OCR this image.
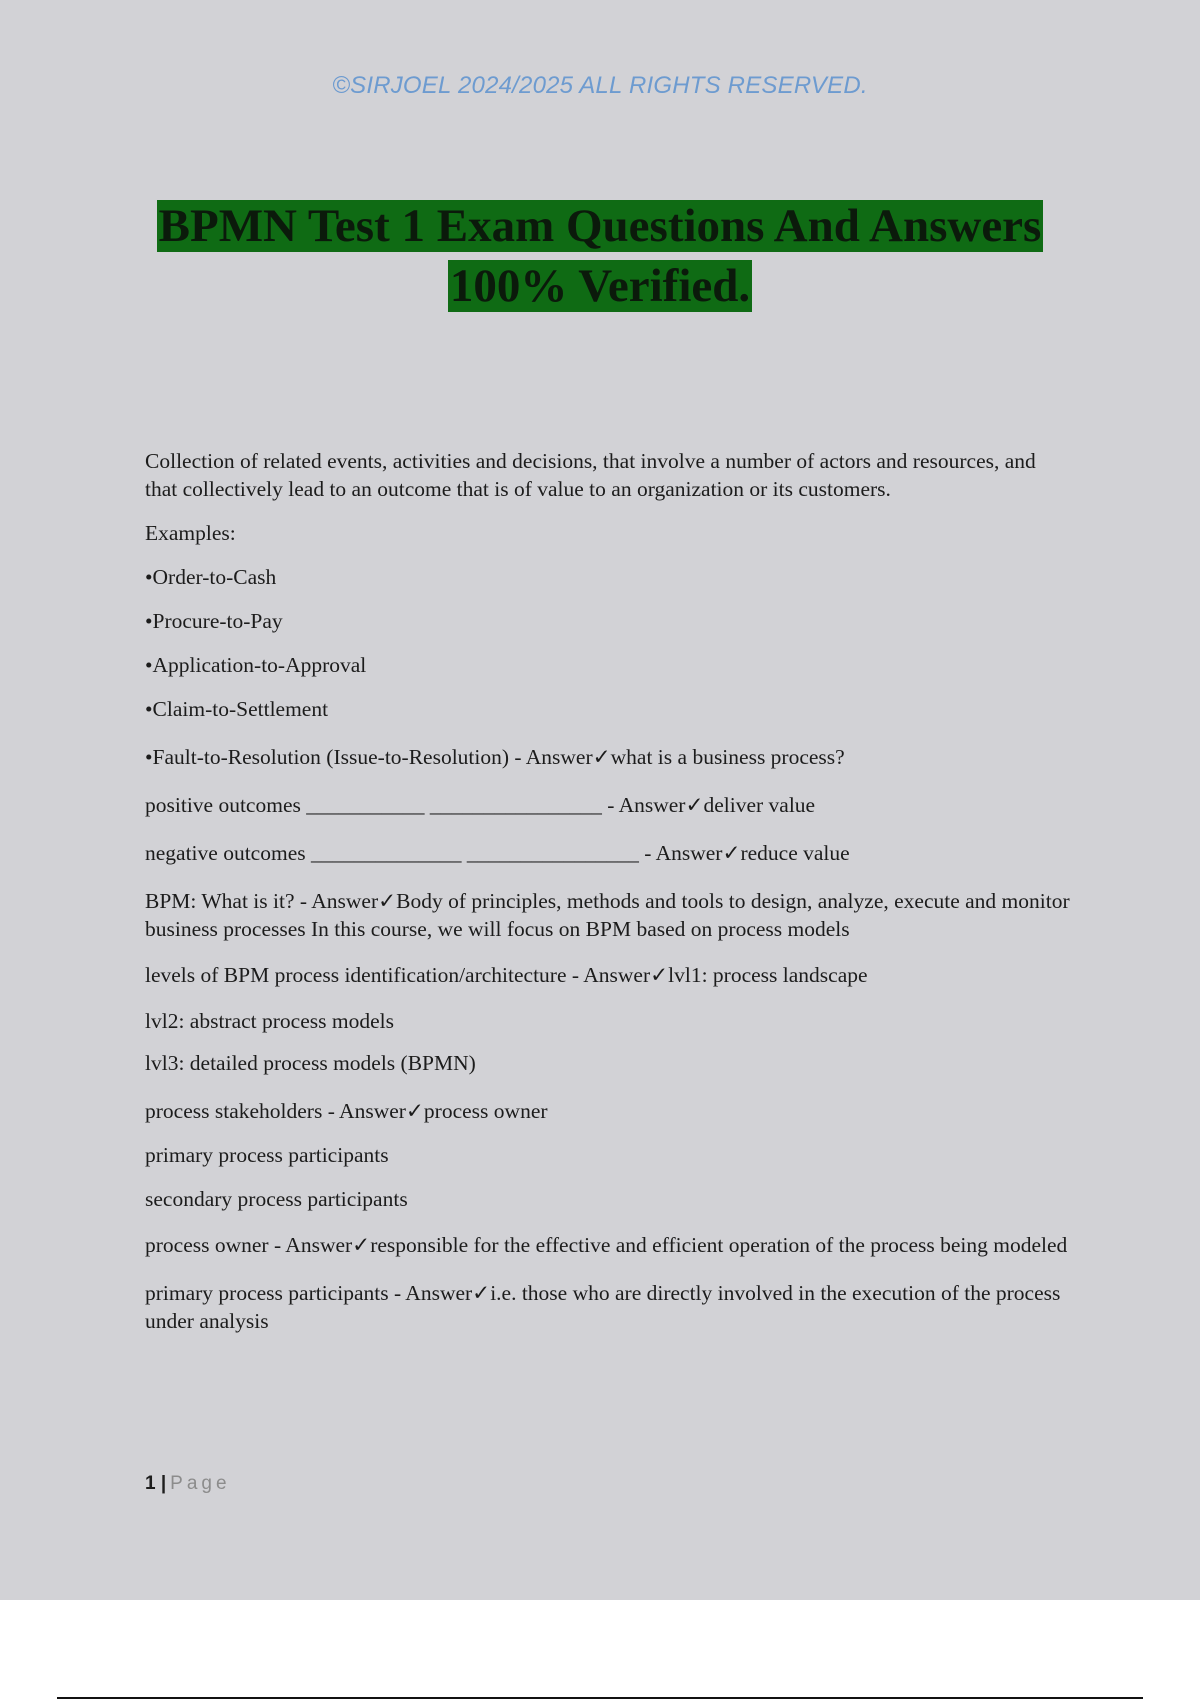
©SIRJOEL 2024/2025 ALL RIGHTS RESERVED.
BPMN Test 1 Exam Questions And Answers
100% Verified.

Collection of related events, activities and decisions, that involve a number of actors and resources, and that collectively lead to an outcome that is of value to an organization or its customers.

Examples:

•Order-to-Cash

•Procure-to-Pay

•Application-to-Approval

•Claim-to-Settlement

•Fault-to-Resolution (Issue-to-Resolution) - Answer✓what is a business process?

positive outcomes ___________ ________________ - Answer✓deliver value

negative outcomes ______________ ________________ - Answer✓reduce value

BPM: What is it? - Answer✓Body of principles, methods and tools to design, analyze, execute and monitor business processes In this course, we will focus on BPM based on process models

levels of BPM process identification/architecture - Answer✓lvl1: process landscape

lvl2: abstract process models

lvl3: detailed process models (BPMN)

process stakeholders - Answer✓process owner

primary process participants

secondary process participants

process owner - Answer✓responsible for the effective and efficient operation of the process being modeled

primary process participants - Answer✓i.e. those who are directly involved in the execution of the process under analysis

1 | Page
